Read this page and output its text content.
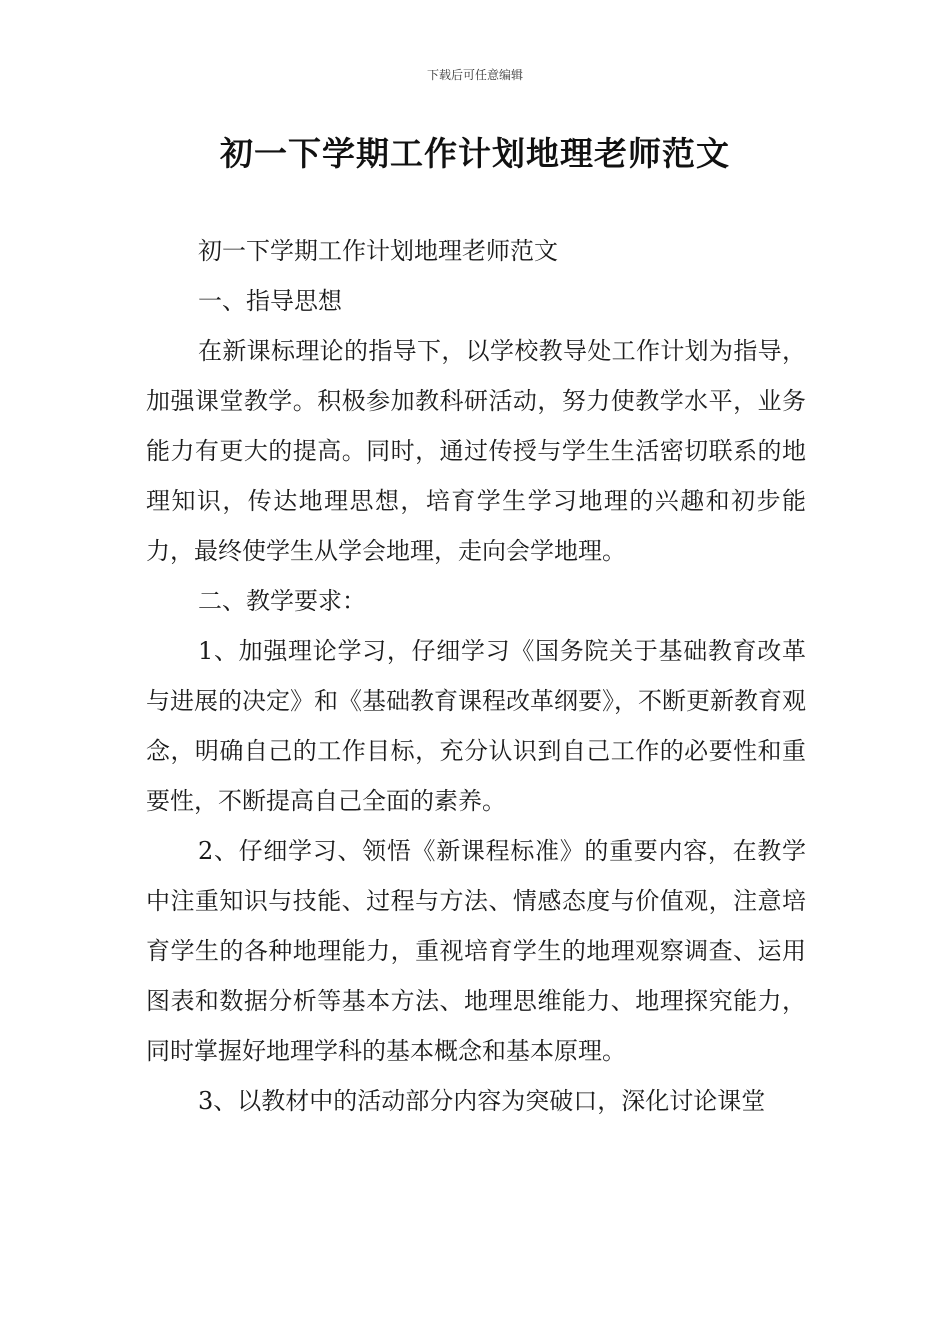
下载后可任意编辑
初一下学期工作计划地理老师范文

初一下学期工作计划地理老师范文

一、指导思想

在新课标理论的指导下，以学校教导处工作计划为指导，加强课堂教学。积极参加教科研活动，努力使教学水平，业务能力有更大的提高。同时，通过传授与学生生活密切联系的地理知识，传达地理思想，培育学生学习地理的兴趣和初步能力，最终使学生从学会地理，走向会学地理。

二、教学要求：

1、加强理论学习，仔细学习《国务院关于基础教育改革与进展的决定》和《基础教育课程改革纲要》，不断更新教育观念，明确自己的工作目标，充分认识到自己工作的必要性和重要性，不断提高自己全面的素养。

2、仔细学习、领悟《新课程标准》的重要内容，在教学中注重知识与技能、过程与方法、情感态度与价值观，注意培育学生的各种地理能力，重视培育学生的地理观察调查、运用图表和数据分析等基本方法、地理思维能力、地理探究能力，同时掌握好地理学科的基本概念和基本原理。

3、以教材中的活动部分内容为突破口，深化讨论课堂
